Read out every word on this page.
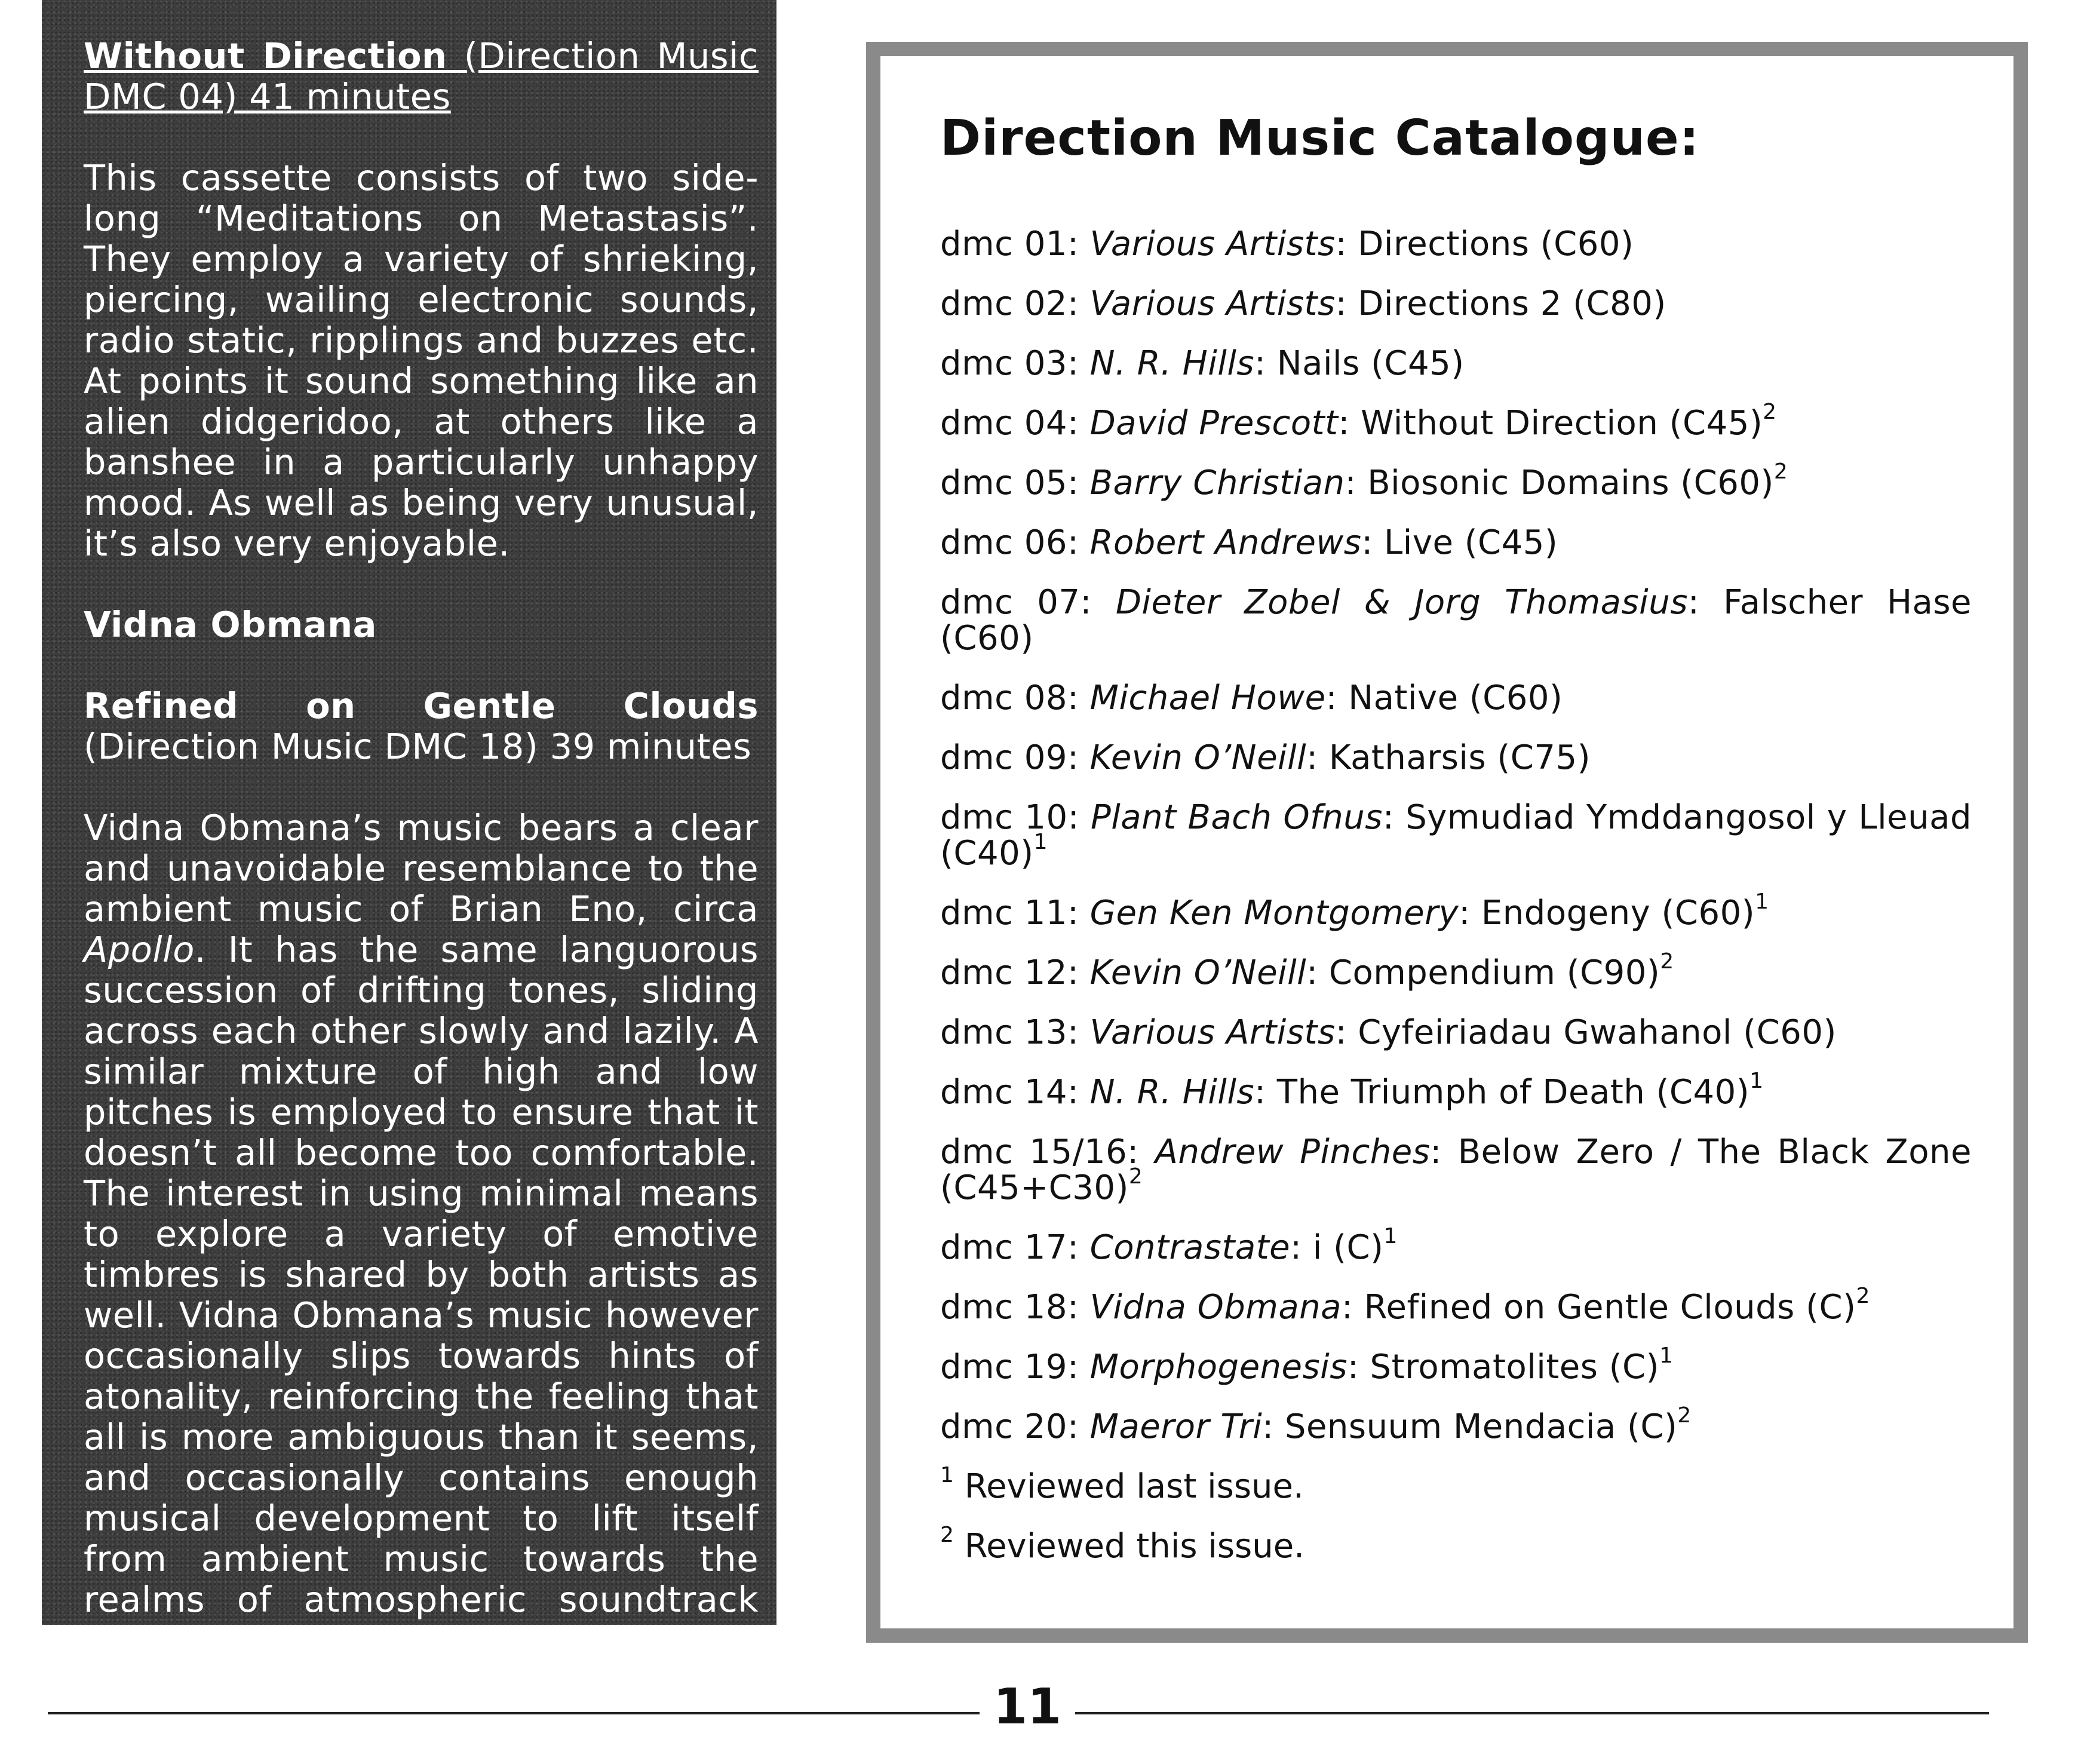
Without Direction (Direction Music DMC 04) 41 minutes

This cassette consists of two side-long “Meditations on Metastasis”. They employ a variety of shrieking, piercing, wailing electronic sounds, radio static, ripplings and buzzes etc. At points it sound something like an alien didgeridoo, at others like a banshee in a particularly unhappy mood. As well as being very unusual, it’s also very enjoyable.

Vidna Obmana

Refined on Gentle Clouds (Direction Music DMC 18) 39 minutes

Vidna Obmana’s music bears a clear and unavoidable resemblance to the ambient music of Brian Eno, circa Apollo. It has the same languorous succession of drifting tones, sliding across each other slowly and lazily. A similar mixture of high and low pitches is employed to ensure that it doesn’t all become too comfortable. The interest in using minimal means to explore a variety of emotive timbres is shared by both artists as well. Vidna Obmana’s music however occasionally slips towards hints of atonality, reinforcing the feeling that all is more ambiguous than it seems, and occasionally contains enough musical development to lift itself from ambient music towards the realms of atmospheric soundtrack material. Eminently listenable.

Direction Music Catalogue:
dmc 01: Various Artists: Directions (C60)
dmc 02: Various Artists: Directions 2 (C80)
dmc 03: N. R. Hills: Nails (C45)
dmc 04: David Prescott: Without Direction $(C45)^2$
dmc 05: Barry Christian: Biosonic Domains $(C60)^2$
dmc 06: Robert Andrews: Live (C45)
dmc 07: Dieter Zobel & Jorg Thomasius: Falscher Hase (C60)
dmc 08: Michael Howe: Native (C60)
dmc 09: Kevin O’Neill: Katharsis (C75)
dmc 10: Plant Bach Ofnus: Symudiad Ymddangosol y Lleuad $(C40)^1$
dmc 11: Gen Ken Montgomery: Endogeny $(C60)^1$
dmc 12: Kevin O’Neill: Compendium $(C90)^2$
dmc 13: Various Artists: Cyfeiriadau Gwahanol (C60)
dmc 14: N. R. Hills: The Triumph of Death $(C40)^1$
dmc 15/16: Andrew Pinches: Below Zero / The Black Zone $(C45+C30)^2$
dmc 17: Contrastate: i $(C)^1$
dmc 18: Vidna Obmana: Refined on Gentle Clouds $(C)^2$
dmc 19: Morphogenesis: Stromatolites $(C)^1$
dmc 20: Maeror Tri: Sensuum Mendacia $(C)^2$
$^1$ Reviewed last issue.
$^2$ Reviewed this issue.
11
